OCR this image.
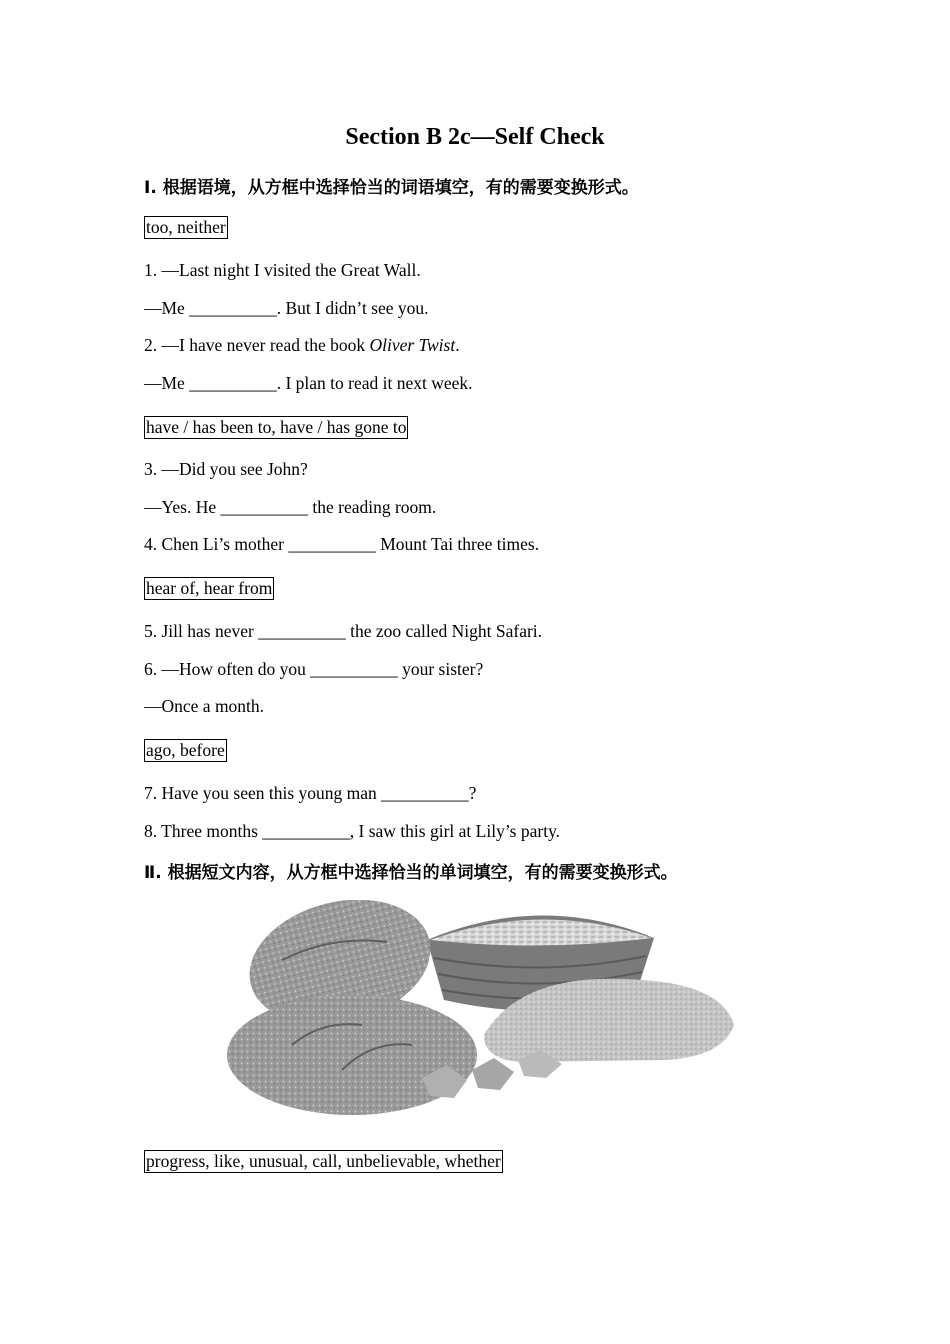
Section B 2c—Self Check
Ⅰ. 根据语境，从方框中选择恰当的词语填空，有的需要变换形式。
too, neither
1. —Last night I visited the Great Wall.
—Me __________. But I didn’t see you.
2. —I have never read the book Oliver Twist.
—Me __________. I plan to read it next week.
have / has been to, have / has gone to
3. —Did you see John?
—Yes. He __________ the reading room.
4. Chen Li’s mother __________ Mount Tai three times.
hear of, hear from
5. Jill has never __________ the zoo called Night Safari.
6. —How often do you __________ your sister?
—Once a month.
ago, before
7. Have you seen this young man __________?
8. Three months __________, I saw this girl at Lily’s party.
Ⅱ. 根据短文内容，从方框中选择恰当的单词填空，有的需要变换形式。
progress, like, unusual, call, unbelievable, whether
